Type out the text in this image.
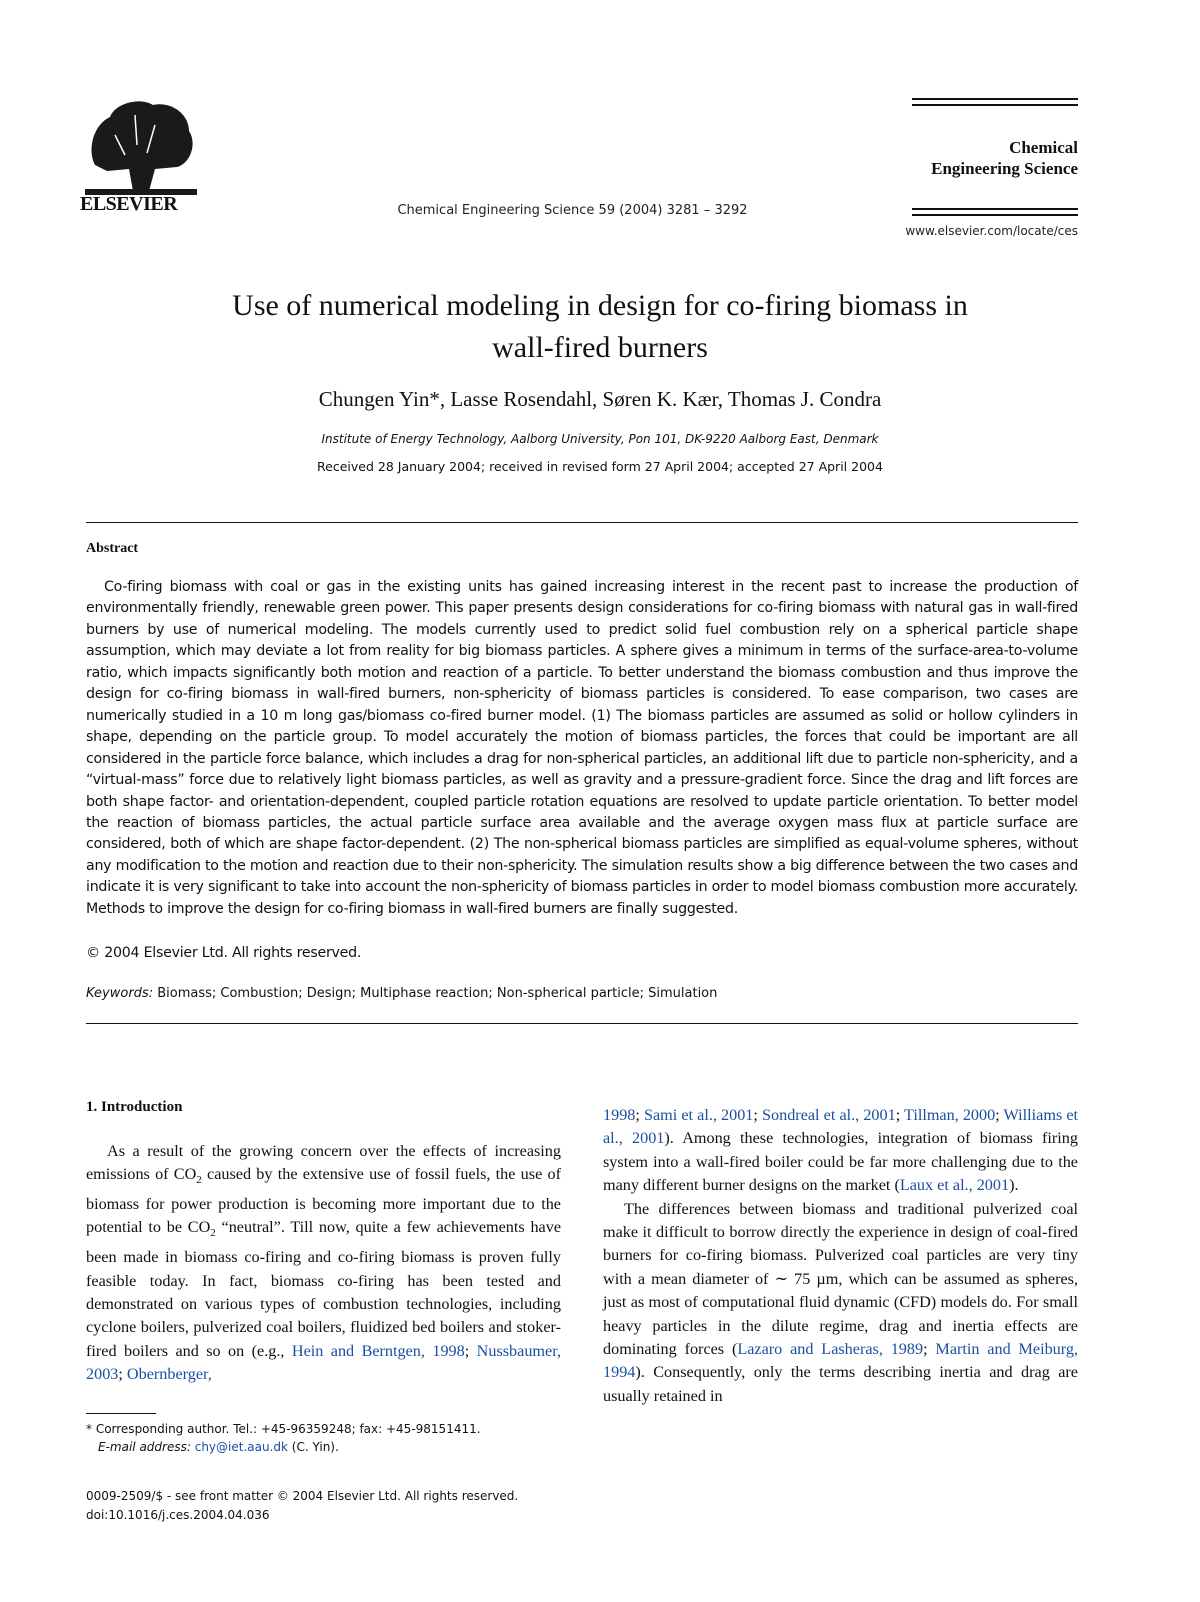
ELSEVIER	Chemical Engineering Science 59 (2004) 3281 – 3292
Chemical
Engineering Science
www.elsevier.com/locate/ces
Use of numerical modeling in design for co-firing biomass in
wall-fired burners
Chungen Yin*, Lasse Rosendahl, Søren K. Kær, Thomas J. Condra
Institute of Energy Technology, Aalborg University, Pon 101, DK-9220 Aalborg East, Denmark
Received 28 January 2004; received in revised form 27 April 2004; accepted 27 April 2004
Abstract
Co-firing biomass with coal or gas in the existing units has gained increasing interest in the recent past to increase the production of environmentally friendly, renewable green power. This paper presents design considerations for co-firing biomass with natural gas in wall-fired burners by use of numerical modeling. The models currently used to predict solid fuel combustion rely on a spherical particle shape assumption, which may deviate a lot from reality for big biomass particles. A sphere gives a minimum in terms of the surface-area-to-volume ratio, which impacts significantly both motion and reaction of a particle. To better understand the biomass combustion and thus improve the design for co-firing biomass in wall-fired burners, non-sphericity of biomass particles is considered. To ease comparison, two cases are numerically studied in a 10 m long gas/biomass co-fired burner model. (1) The biomass particles are assumed as solid or hollow cylinders in shape, depending on the particle group. To model accurately the motion of biomass particles, the forces that could be important are all considered in the particle force balance, which includes a drag for non-spherical particles, an additional lift due to particle non-sphericity, and a “virtual-mass” force due to relatively light biomass particles, as well as gravity and a pressure-gradient force. Since the drag and lift forces are both shape factor- and orientation-dependent, coupled particle rotation equations are resolved to update particle orientation. To better model the reaction of biomass particles, the actual particle surface area available and the average oxygen mass flux at particle surface are considered, both of which are shape factor-dependent. (2) The non-spherical biomass particles are simplified as equal-volume spheres, without any modification to the motion and reaction due to their non-sphericity. The simulation results show a big difference between the two cases and indicate it is very significant to take into account the non-sphericity of biomass particles in order to model biomass combustion more accurately. Methods to improve the design for co-firing biomass in wall-fired burners are finally suggested.
© 2004 Elsevier Ltd. All rights reserved.
Keywords: Biomass; Combustion; Design; Multiphase reaction; Non-spherical particle; Simulation
1. Introduction

As a result of the growing concern over the effects of increasing emissions of $CO_2$ caused by the extensive use of fossil fuels, the use of biomass for power production is becoming more important due to the potential to be $CO_2$ “neutral”. Till now, quite a few achievements have been made in biomass co-firing and co-firing biomass is proven fully feasible today. In fact, biomass co-firing has been tested and demonstrated on various types of combustion technologies, including cyclone boilers, pulverized coal boilers, fluidized bed boilers and stoker-fired boilers and so on (e.g., Hein and Berntgen, 1998; Nussbaumer, 2003; Obernberger,

1998; Sami et al., 2001; Sondreal et al., 2001; Tillman, 2000; Williams et al., 2001). Among these technologies, integration of biomass firing system into a wall-fired boiler could be far more challenging due to the many different burner designs on the market (Laux et al., 2001).

The differences between biomass and traditional pulverized coal make it difficult to borrow directly the experience in design of coal-fired burners for co-firing biomass. Pulverized coal particles are very tiny with a mean diameter of ∼ 75 µm, which can be assumed as spheres, just as most of computational fluid dynamic (CFD) models do. For small heavy particles in the dilute regime, drag and inertia effects are dominating forces (Lazaro and Lasheras, 1989; Martin and Meiburg, 1994). Consequently, only the terms describing inertia and drag are usually retained in

* Corresponding author. Tel.: +45-96359248; fax: +45-98151411.
E-mail address: chy@iet.aau.dk (C. Yin).
0009-2509/$ - see front matter © 2004 Elsevier Ltd. All rights reserved.
doi:10.1016/j.ces.2004.04.036
